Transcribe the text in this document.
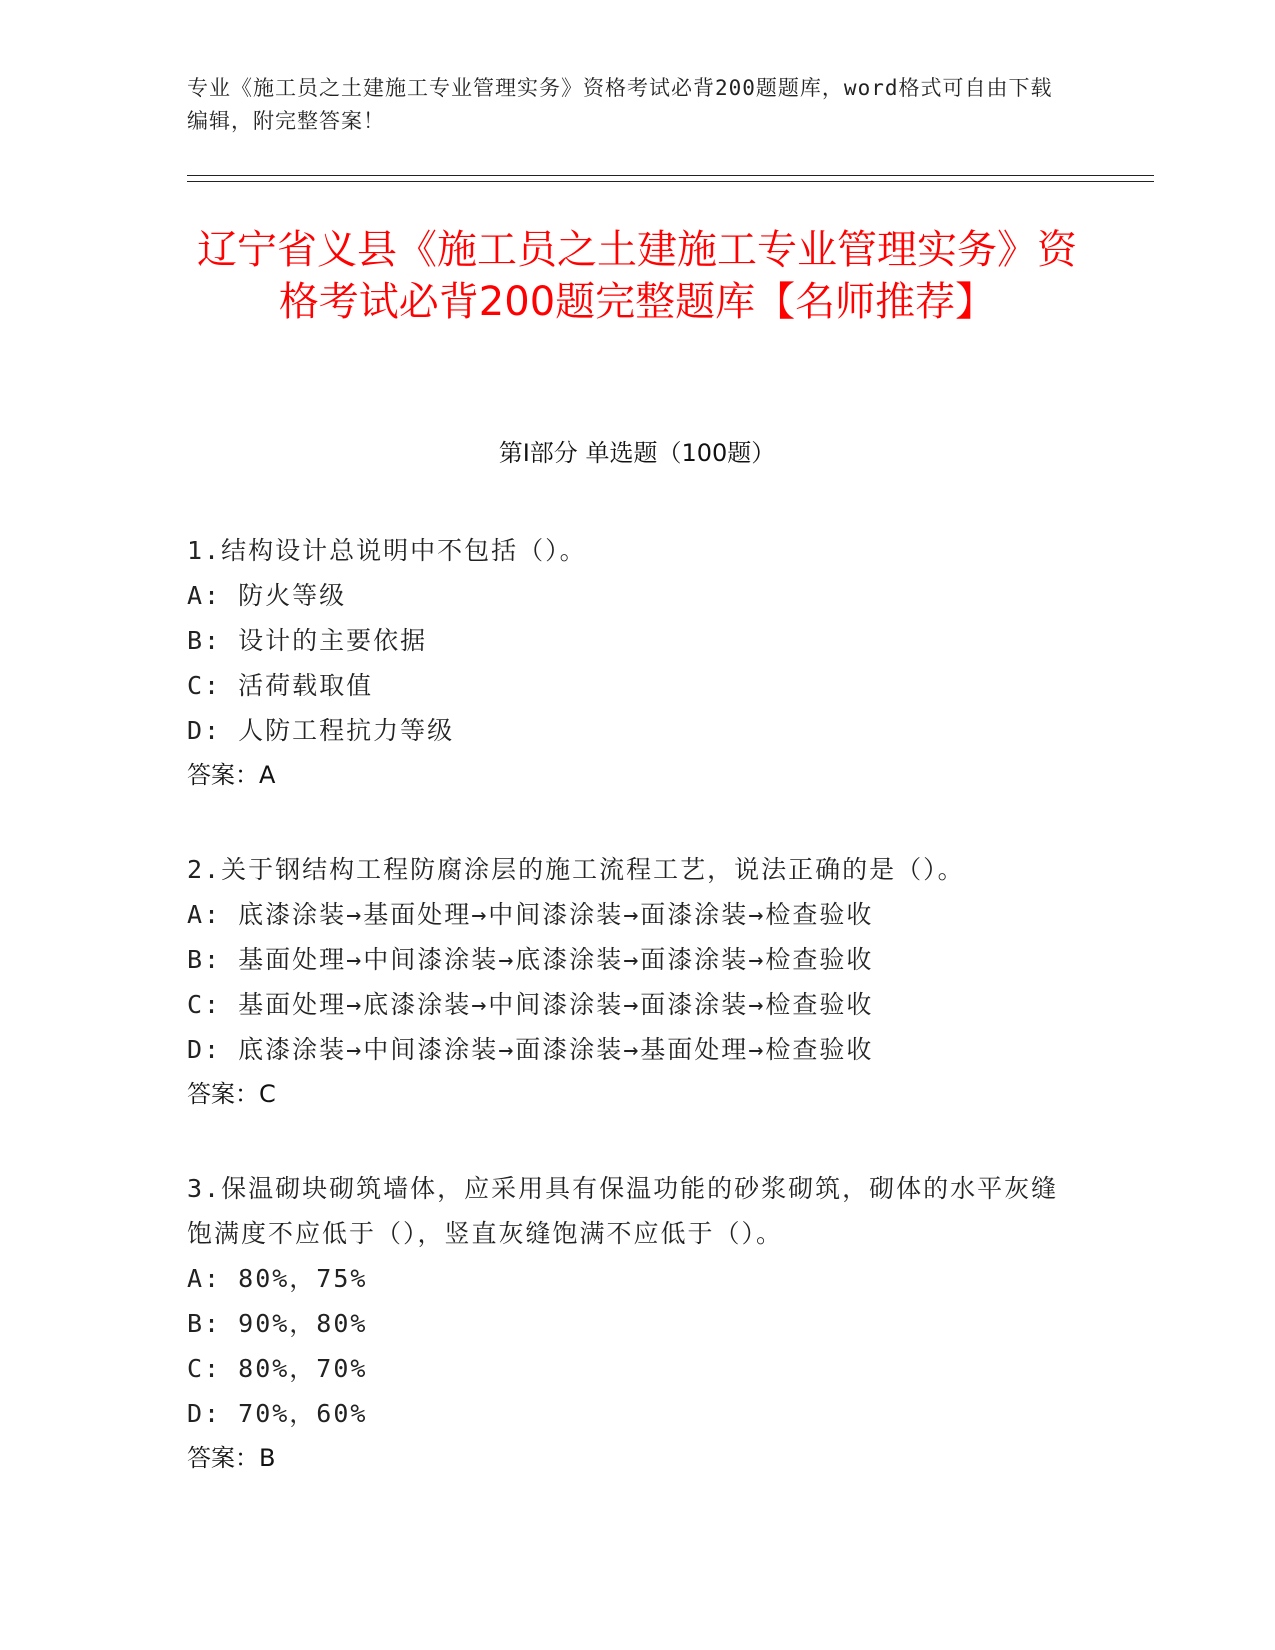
专业《施工员之土建施工专业管理实务》资格考试必背200题题库，word格式可自由下载编辑，附完整答案！
辽宁省义县《施工员之土建施工专业管理实务》资格考试必背200题完整题库【名师推荐】
第I部分 单选题（100题）
1.结构设计总说明中不包括（）。
A: 防火等级
B: 设计的主要依据
C: 活荷载取值
D: 人防工程抗力等级
答案：A
2.关于钢结构工程防腐涂层的施工流程工艺，说法正确的是（）。
A: 底漆涂装→基面处理→中间漆涂装→面漆涂装→检查验收
B: 基面处理→中间漆涂装→底漆涂装→面漆涂装→检查验收
C: 基面处理→底漆涂装→中间漆涂装→面漆涂装→检查验收
D: 底漆涂装→中间漆涂装→面漆涂装→基面处理→检查验收
答案：C
3.保温砌块砌筑墙体，应采用具有保温功能的砂浆砌筑，砌体的水平灰缝饱满度不应低于（），竖直灰缝饱满不应低于（）。
A: 80%，75%
B: 90%，80%
C: 80%，70%
D: 70%，60%
答案：B
